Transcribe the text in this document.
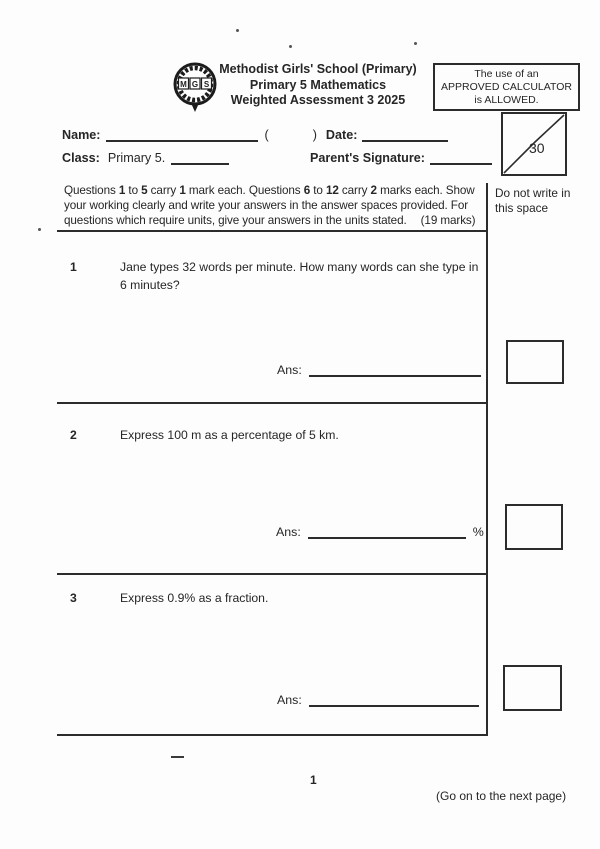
M G S
Methodist Girls' School (Primary)
Primary 5 Mathematics
Weighted Assessment 3 2025
The use of an
APPROVED CALCULATOR
is ALLOWED.
30
Name:	(	) Date:
Class: Primary 5.	Parent's Signature:
Questions 1 to 5 carry 1 mark each. Questions 6 to 12 carry 2 marks each. Show your working clearly and write your answers in the answer spaces provided. For questions which require units, give your answers in the units stated. (19 marks)
Do not write in this space
1	Jane types 32 words per minute. How many words can she type in 6 minutes?
Ans:
2	Express 100 m as a percentage of 5 km.
Ans:	%
3	Express 0.9% as a fraction.
Ans:
1
(Go on to the next page)
